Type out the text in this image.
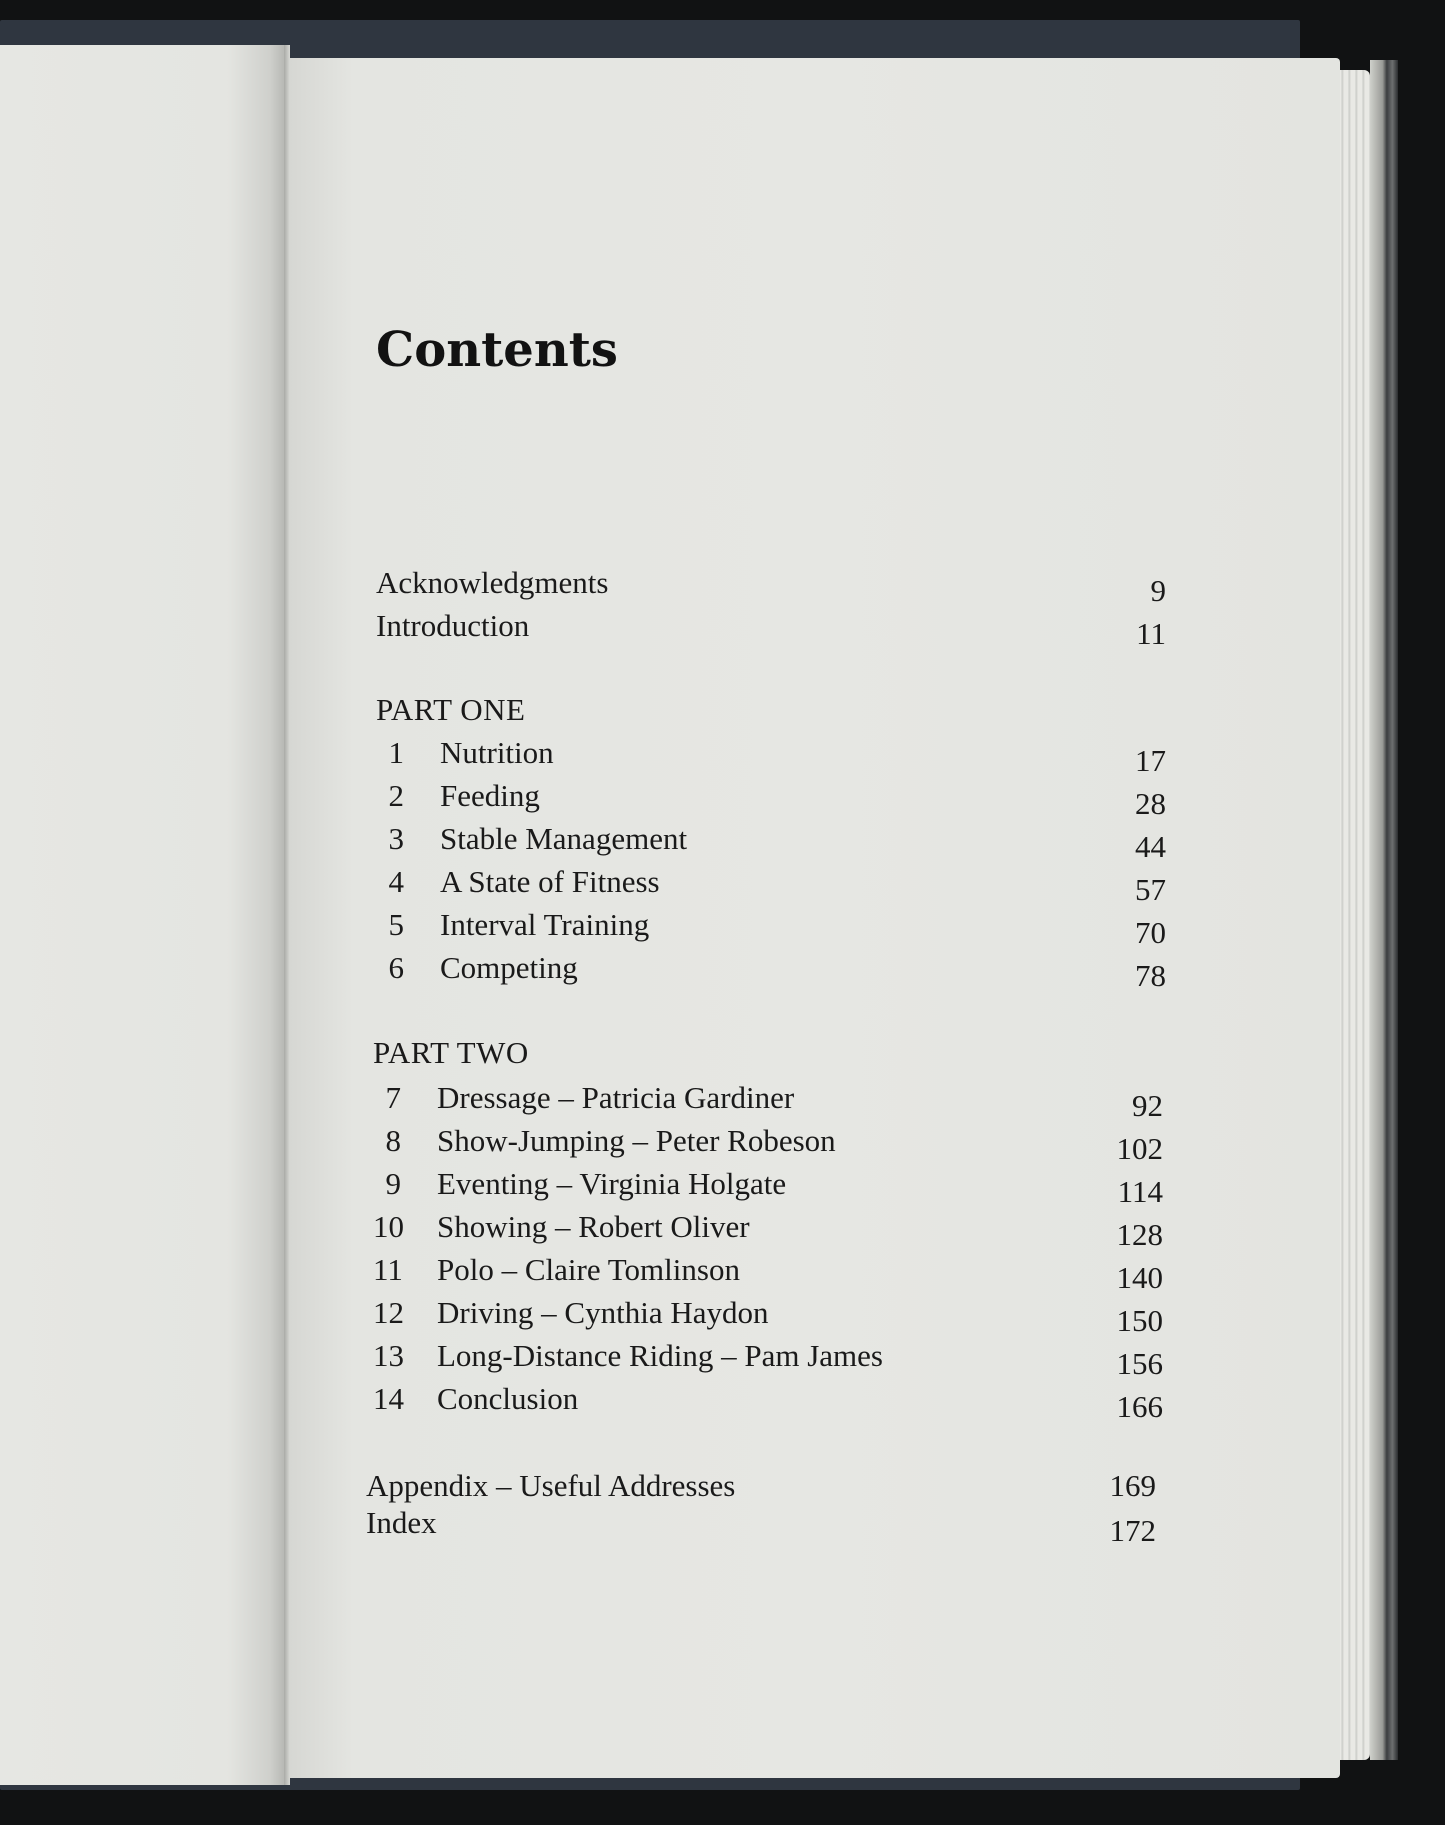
Contents
Acknowledgments	9
Introduction	11
PART ONE
1 Nutrition	17
2 Feeding	28
3 Stable Management	44
4 A State of Fitness	57
5 Interval Training	70
6 Competing	78
PART TWO
7 Dressage – Patricia Gardiner	92
8 Show-Jumping – Peter Robeson	102
9 Eventing – Virginia Holgate	114
10 Showing – Robert Oliver	128
11 Polo – Claire Tomlinson	140
12 Driving – Cynthia Haydon	150
13 Long-Distance Riding – Pam James	156
14 Conclusion	166
Appendix – Useful Addresses	169
Index	172
